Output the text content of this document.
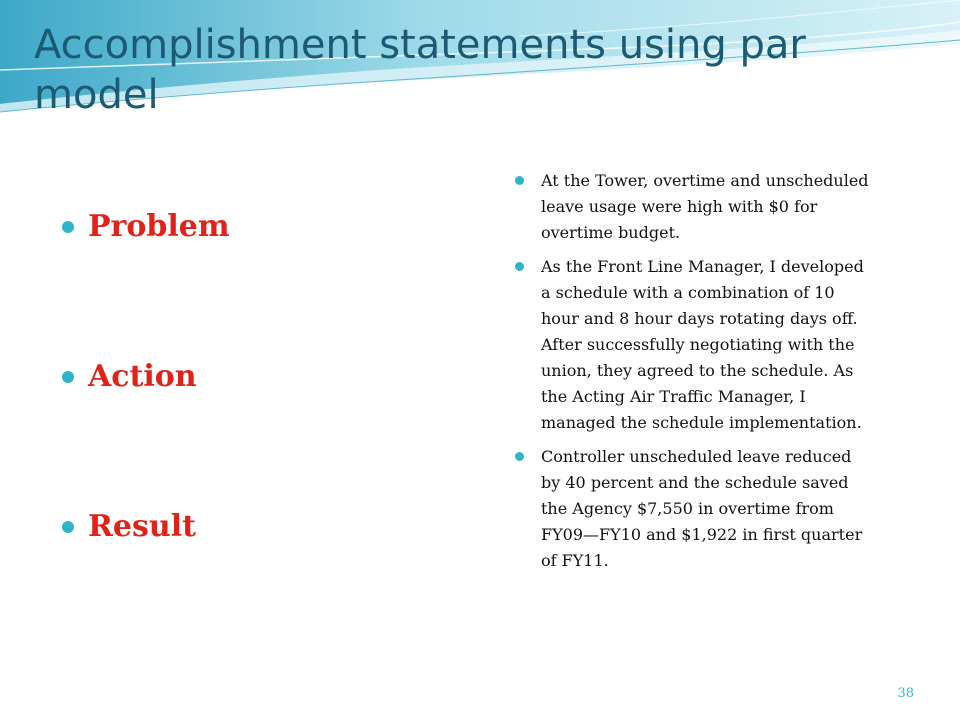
Accomplishment statements using par model
Problem
Action
Result
At the Tower, overtime and unscheduled leave usage were high with $0 for overtime budget.
As the Front Line Manager, I developed a schedule with a combination of 10 hour and 8 hour days rotating days off. After successfully negotiating with the union, they agreed to the schedule. As the Acting Air Traffic Manager, I managed the schedule implementation.
Controller unscheduled leave reduced by 40 percent and the schedule saved the Agency $7,550 in overtime from FY09—FY10 and $1,922 in first quarter of FY11.
38
